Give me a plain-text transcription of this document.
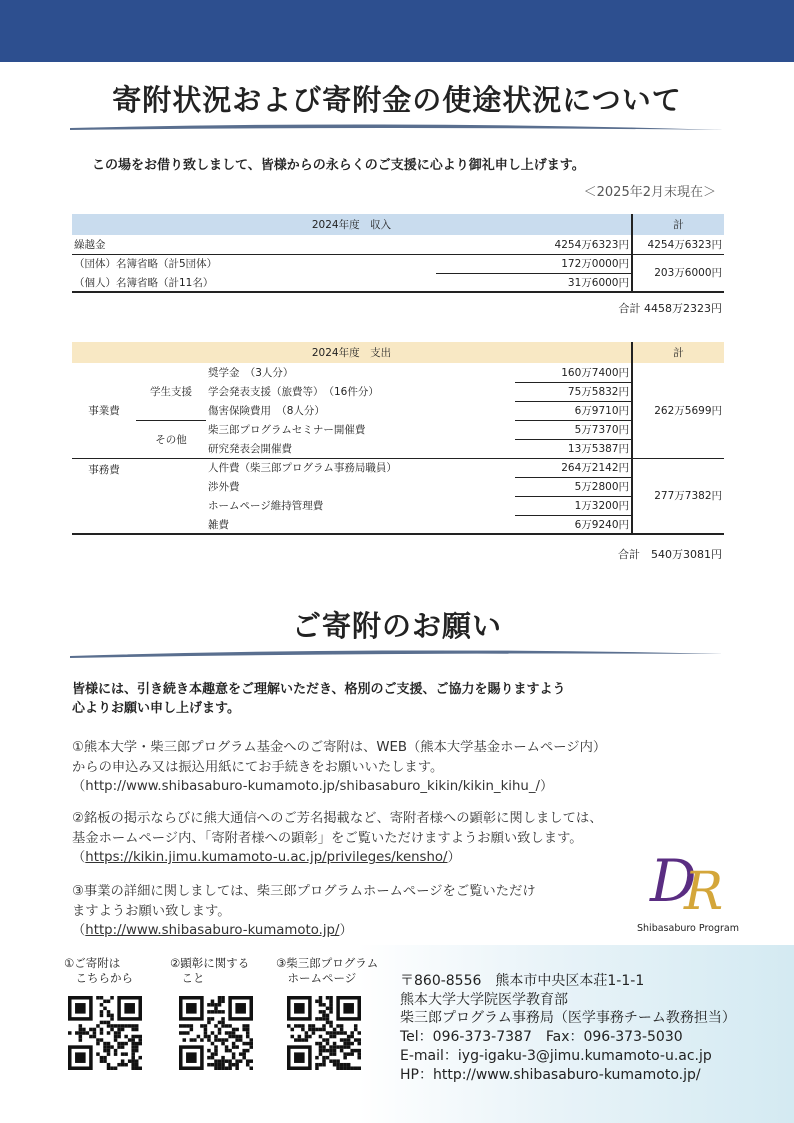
寄附状況および寄附金の使途状況について
この場をお借り致しまして、皆様からの永らくのご支援に心より御礼申し上げます。
＜2025年2月末現在＞
2024年度　収入		計
繰越金	4254万6323円	4254万6323円
（団体）名簿省略（計5団体）	172万0000円	203万6000円
（個人）名簿省略（計11名）	31万6000円	

合計 4458万2323円
2024年度　支出				計
事業費	学生支援	奨学金　（3人分）	160万7400円	262万5699円
		学会発表支援（旅費等）　（16件分）	75万5832円	
		傷害保険費用　（8人分）	6万9710円	
	その他	柴三郎プログラムセミナー開催費	5万7370円	
		研究発表会開催費	13万5387円	
事務費		人件費（柴三郎プログラム事務局職員）	264万2142円	277万7382円
		渉外費	5万2800円	
		ホームページ維持管理費	1万3200円	
		雑費	6万9240円	

合計　540万3081円
ご寄附のお願い
皆様には、引き続き本趣意をご理解いただき、格別のご支援、ご協力を賜りますよう
心よりお願い申し上げます。
①熊本大学・柴三郎プログラム基金へのご寄附は、WEB（熊本大学基金ホームページ内）
からの申込み又は振込用紙にてお手続きをお願いいたします。
（http://www.shibasaburo-kumamoto.jp/shibasaburo_kikin/kikin_kihu_/）
②銘板の掲示ならびに熊大通信へのご芳名掲載など、寄附者様への顕彰に関しましては、
基金ホームページ内、「寄附者様への顕彰」をご覧いただけますようお願い致します。
（https://kikin.jimu.kumamoto-u.ac.jp/privileges/kensho/）
③事業の詳細に関しましては、柴三郎プログラムホームページをご覧いただけ
ますようお願い致します。
（http://www.shibasaburo-kumamoto.jp/）
D
R
Shibasaburo Program
①ご寄附は
　こちらから
②顕彰に関する
　こと
③柴三郎プログラム
　ホームページ	〒860-8556　熊本市中央区本荘1-1-1
熊本大学大学院医学教育部
柴三郎プログラム事務局（医学事務チーム教務担当）
Tel：096-373-7387　Fax：096-373-5030
E-mail：iyg-igaku-3@jimu.kumamoto-u.ac.jp
HP：http://www.shibasaburo-kumamoto.jp/
